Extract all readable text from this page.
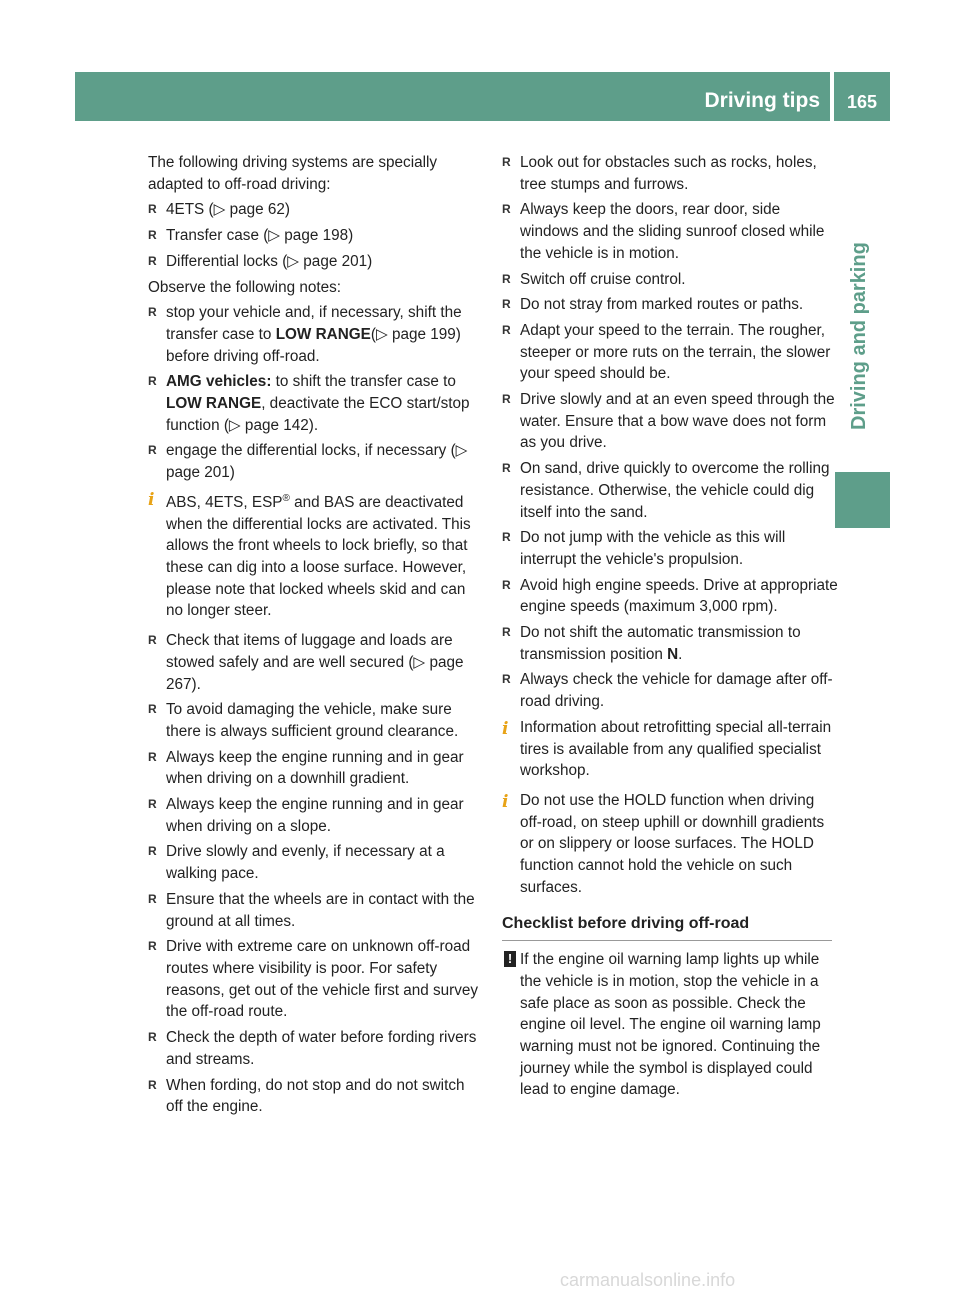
Driving tips	165
Driving and parking

The following driving systems are specially adapted to off-road driving:

R 4ETS (▷ page 62)
R Transfer case (▷ page 198)
R Differential locks (▷ page 201)

Observe the following notes:

R stop your vehicle and, if necessary, shift the transfer case to LOW RANGE(▷ page 199) before driving off-road.
R AMG vehicles: to shift the transfer case to LOW RANGE, deactivate the ECO start/stop function (▷ page 142).
R engage the differential locks, if necessary (▷ page 201)
i ABS, 4ETS, ESP® and BAS are deactivated when the differential locks are activated. This allows the front wheels to lock briefly, so that these can dig into a loose surface. However, please note that locked wheels skid and can no longer steer.
R Check that items of luggage and loads are stowed safely and are well secured (▷ page 267).
R To avoid damaging the vehicle, make sure there is always sufficient ground clearance.
R Always keep the engine running and in gear when driving on a downhill gradient.
R Always keep the engine running and in gear when driving on a slope.
R Drive slowly and evenly, if necessary at a walking pace.
R Ensure that the wheels are in contact with the ground at all times.
R Drive with extreme care on unknown off-road routes where visibility is poor. For safety reasons, get out of the vehicle first and survey the off-road route.
R Check the depth of water before fording rivers and streams.
R When fording, do not stop and do not switch off the engine.
R Look out for obstacles such as rocks, holes, tree stumps and furrows.
R Always keep the doors, rear door, side windows and the sliding sunroof closed while the vehicle is in motion.
R Switch off cruise control.
R Do not stray from marked routes or paths.
R Adapt your speed to the terrain. The rougher, steeper or more ruts on the terrain, the slower your speed should be.
R Drive slowly and at an even speed through the water. Ensure that a bow wave does not form as you drive.
R On sand, drive quickly to overcome the rolling resistance. Otherwise, the vehicle could dig itself into the sand.
R Do not jump with the vehicle as this will interrupt the vehicle's propulsion.
R Avoid high engine speeds. Drive at appropriate engine speeds (maximum 3,000 rpm).
R Do not shift the automatic transmission to transmission position N.
R Always check the vehicle for damage after off-road driving.
i Information about retrofitting special all-terrain tires is available from any qualified specialist workshop.
i Do not use the HOLD function when driving off-road, on steep uphill or downhill gradients or on slippery or loose surfaces. The HOLD function cannot hold the vehicle on such surfaces.
Checklist before driving off-road
! If the engine oil warning lamp lights up while the vehicle is in motion, stop the vehicle in a safe place as soon as possible. Check the engine oil level. The engine oil warning lamp warning must not be ignored. Continuing the journey while the symbol is displayed could lead to engine damage.
carmanualsonline.info
